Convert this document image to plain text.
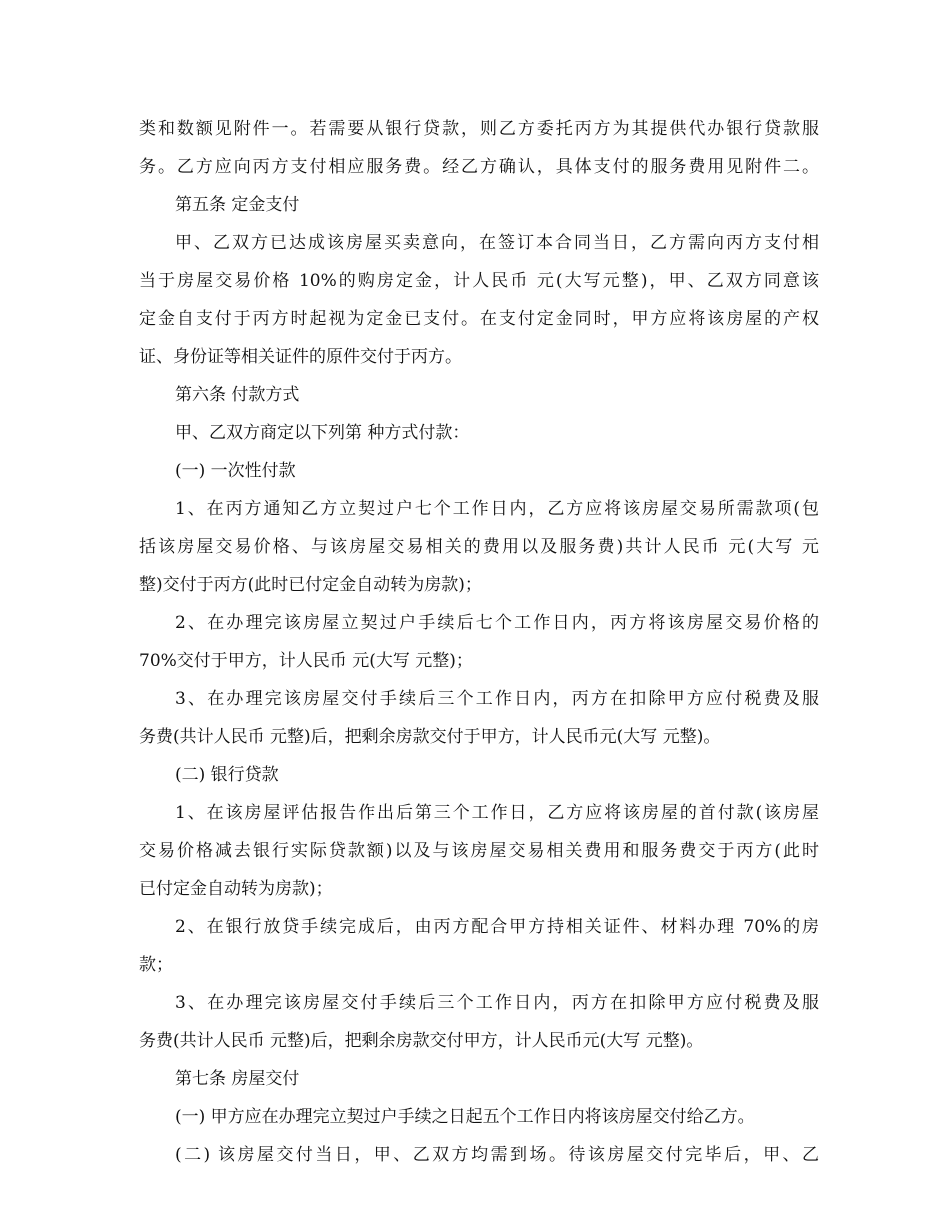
类和数额见附件一。若需要从银行贷款，则乙方委托丙方为其提供代办银行贷款服
务。乙方应向丙方支付相应服务费。经乙方确认，具体支付的服务费用见附件二。
第五条 定金支付
甲、乙双方已达成该房屋买卖意向，在签订本合同当日，乙方需向丙方支付相
当于房屋交易价格 10%的购房定金，计人民币 元(大写元整)，甲、乙双方同意该
定金自支付于丙方时起视为定金已支付。在支付定金同时，甲方应将该房屋的产权
证、身份证等相关证件的原件交付于丙方。
第六条 付款方式
甲、乙双方商定以下列第 种方式付款：
(一) 一次性付款
1、在丙方通知乙方立契过户七个工作日内，乙方应将该房屋交易所需款项(包
括该房屋交易价格、与该房屋交易相关的费用以及服务费)共计人民币 元(大写 元
整)交付于丙方(此时已付定金自动转为房款)；
2、在办理完该房屋立契过户手续后七个工作日内，丙方将该房屋交易价格的
70%交付于甲方，计人民币 元(大写 元整)；
3、在办理完该房屋交付手续后三个工作日内，丙方在扣除甲方应付税费及服
务费(共计人民币 元整)后，把剩余房款交付于甲方，计人民币元(大写 元整)。
(二) 银行贷款
1、在该房屋评估报告作出后第三个工作日，乙方应将该房屋的首付款(该房屋
交易价格减去银行实际贷款额)以及与该房屋交易相关费用和服务费交于丙方(此时
已付定金自动转为房款)；
2、在银行放贷手续完成后，由丙方配合甲方持相关证件、材料办理 70%的房
款；
3、在办理完该房屋交付手续后三个工作日内，丙方在扣除甲方应付税费及服
务费(共计人民币 元整)后，把剩余房款交付甲方，计人民币元(大写 元整)。
第七条 房屋交付
(一) 甲方应在办理完立契过户手续之日起五个工作日内将该房屋交付给乙方。
(二) 该房屋交付当日，甲、乙双方均需到场。待该房屋交付完毕后，甲、乙
